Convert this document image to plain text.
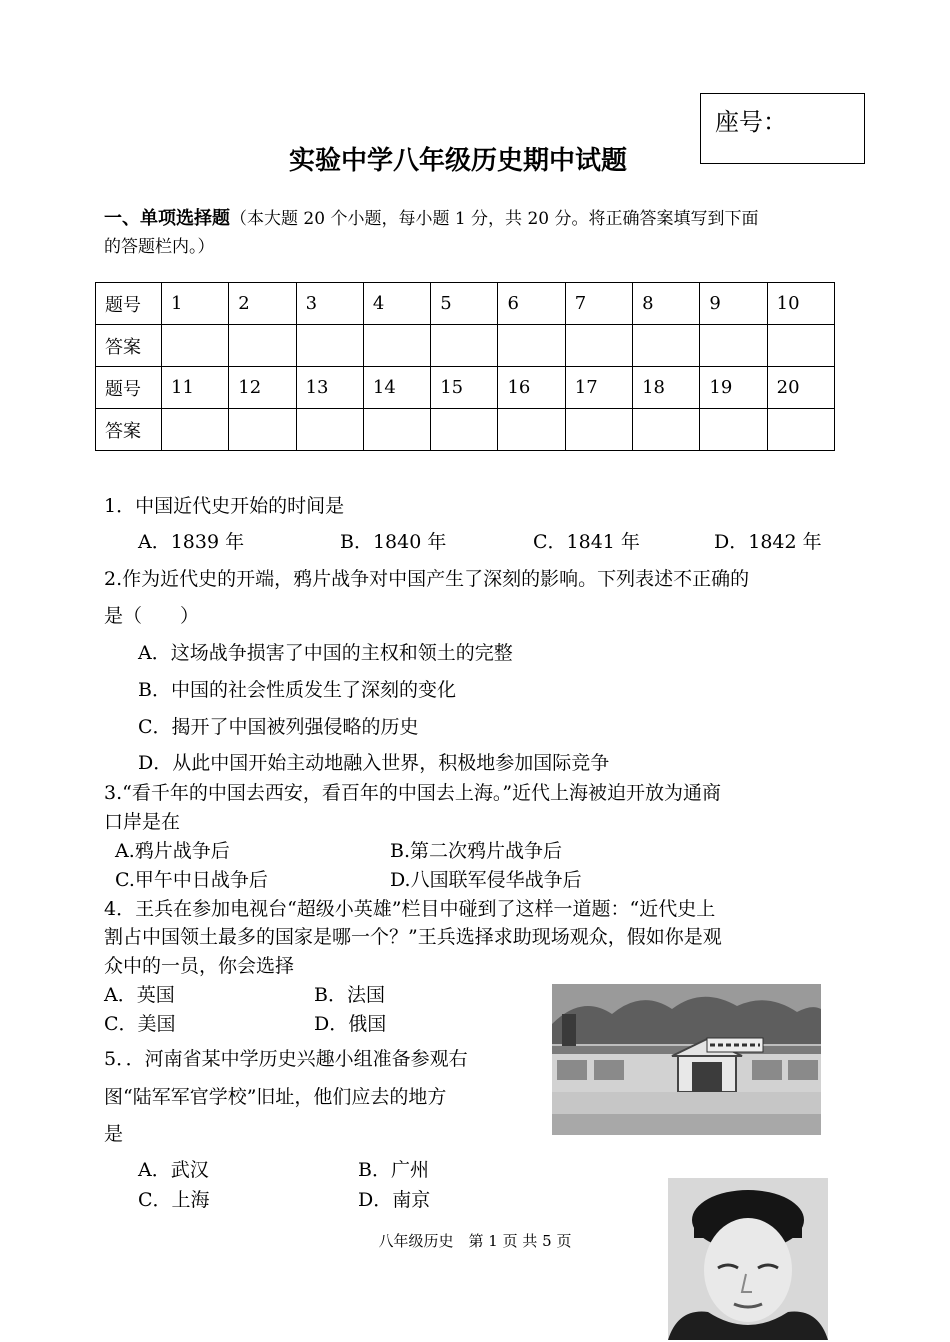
座号：
实验中学八年级历史期中试题
一、单项选择题（本大题 20 个小题，每小题 1 分，共 20 分。将正确答案填写到下面
的答题栏内。）
题号	1	2	3	4	5	6	7	8	9	10
答案										
题号	11	12	13	14	15	16	17	18	19	20
答案										
1．中国近代史开始的时间是
A．1839 年	B．1840 年	C．1841 年	D．1842 年
2.作为近代史的开端，鸦片战争对中国产生了深刻的影响。下列表述不正确的
是（　　）
A．这场战争损害了中国的主权和领土的完整
B．中国的社会性质发生了深刻的变化
C．揭开了中国被列强侵略的历史
D．从此中国开始主动地融入世界，积极地参加国际竞争
3.“看千年的中国去西安，看百年的中国去上海。”近代上海被迫开放为通商
口岸是在
A.鸦片战争后	B.第二次鸦片战争后
C.甲午中日战争后	D.八国联军侵华战争后
4．王兵在参加电视台“超级小英雄”栏目中碰到了这样一道题：“近代史上
割占中国领土最多的国家是哪一个？”王兵选择求助现场观众，假如你是观
众中的一员，你会选择
A．英国	B．法国
C．美国	D．俄国
5．．河南省某中学历史兴趣小组准备参观右
图“陆军军官学校”旧址，他们应去的地方
是
A．武汉	B．广州
C．上海	D．南京
八年级历史　第 1 页 共 5 页
